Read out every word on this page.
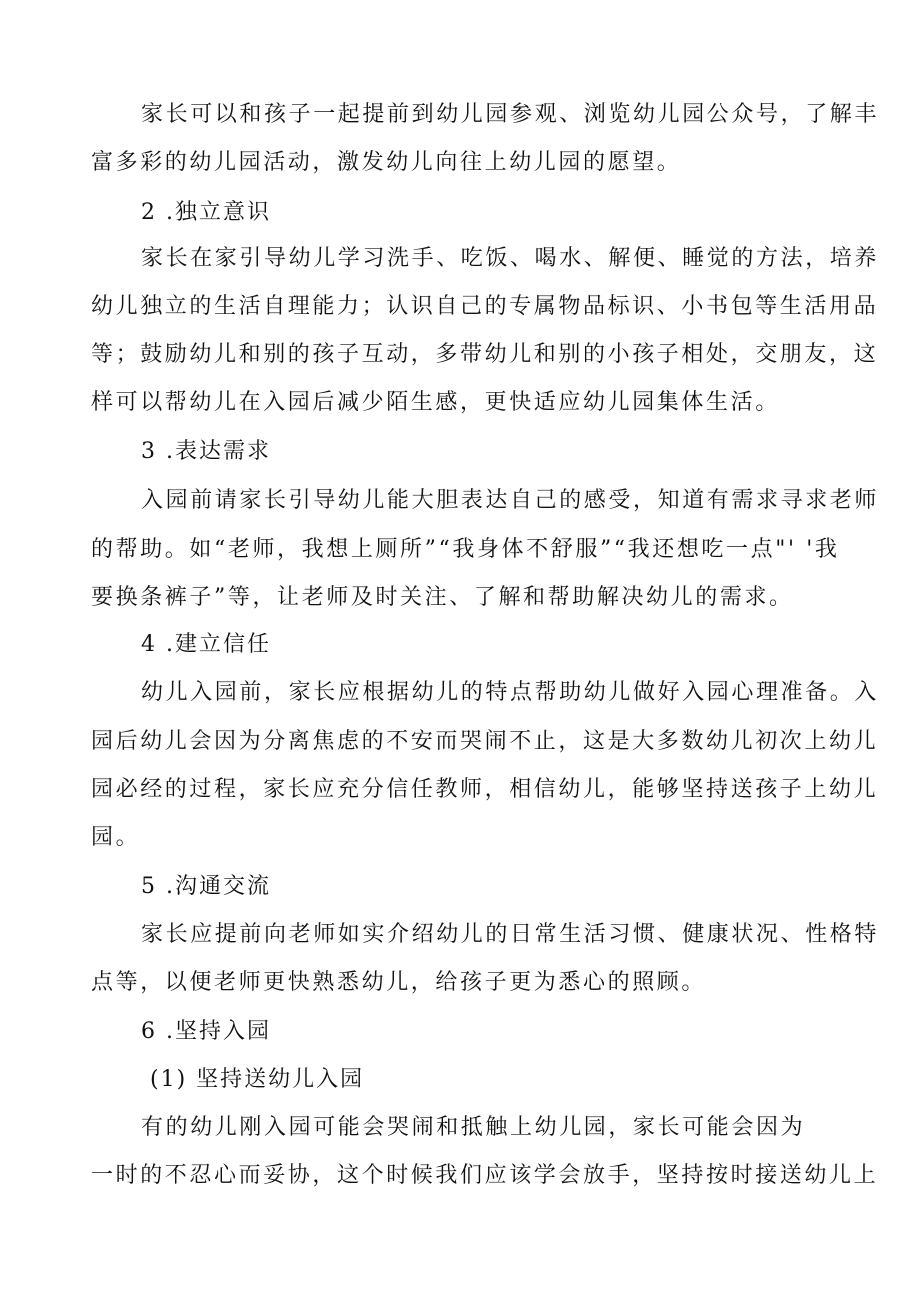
家长可以和孩子一起提前到幼儿园参观、浏览幼儿园公众号，了解丰
富多彩的幼儿园活动，激发幼儿向往上幼儿园的愿望。
2 .独立意识
家长在家引导幼儿学习洗手、吃饭、喝水、解便、睡觉的方法，培养
幼儿独立的生活自理能力；认识自己的专属物品标识、小书包等生活用品
等；鼓励幼儿和别的孩子互动，多带幼儿和别的小孩子相处，交朋友，这
样可以帮幼儿在入园后减少陌生感，更快适应幼儿园集体生活。
3 .表达需求
入园前请家长引导幼儿能大胆表达自己的感受，知道有需求寻求老师
的帮助。如“老师，我想上厕所”“我身体不舒服”“我还想吃一点"' '我
要换条裤子”等，让老师及时关注、了解和帮助解决幼儿的需求。
4 .建立信任
幼儿入园前，家长应根据幼儿的特点帮助幼儿做好入园心理准备。入
园后幼儿会因为分离焦虑的不安而哭闹不止，这是大多数幼儿初次上幼儿
园必经的过程，家长应充分信任教师，相信幼儿，能够坚持送孩子上幼儿
园。
5 .沟通交流
家长应提前向老师如实介绍幼儿的日常生活习惯、健康状况、性格特
点等，以便老师更快熟悉幼儿，给孩子更为悉心的照顾。
6 .坚持入园
(1) 坚持送幼儿入园
有的幼儿刚入园可能会哭闹和抵触上幼儿园，家长可能会因为
一时的不忍心而妥协，这个时候我们应该学会放手，坚持按时接送幼儿上
